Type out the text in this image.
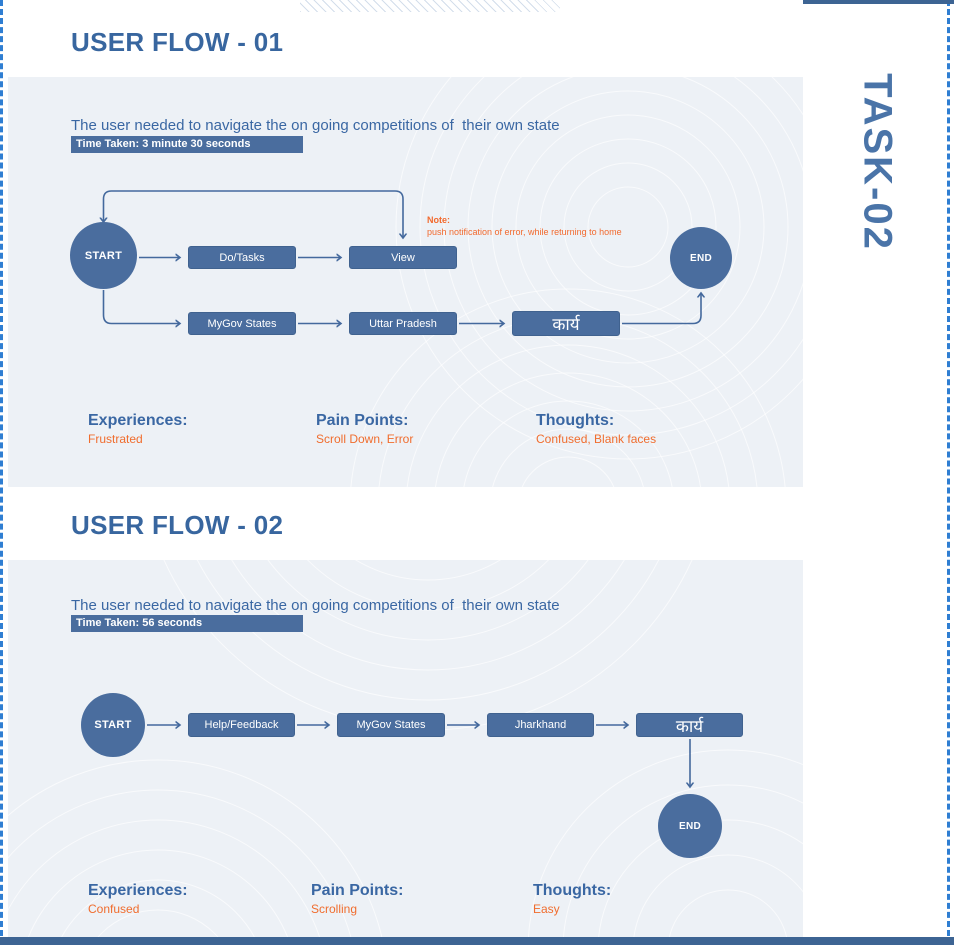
TASK-02
USER FLOW - 01
The user needed to navigate the on going competitions of  their own state
Time Taken: 3 minute 30 seconds
START	Do/Tasks	View
MyGov States	Uttar Pradesh	कार्य
END
Note:
push notification of error, while returning to home
Experiences:
Frustrated
Pain Points:
Scroll Down, Error
Thoughts:
Confused, Blank faces
USER FLOW - 02
The user needed to navigate the on going competitions of  their own state
Time Taken: 56 seconds
START	Help/Feedback	MyGov States	Jharkhand	कार्य
END
Experiences:
Confused
Pain Points:
Scrolling
Thoughts:
Easy
